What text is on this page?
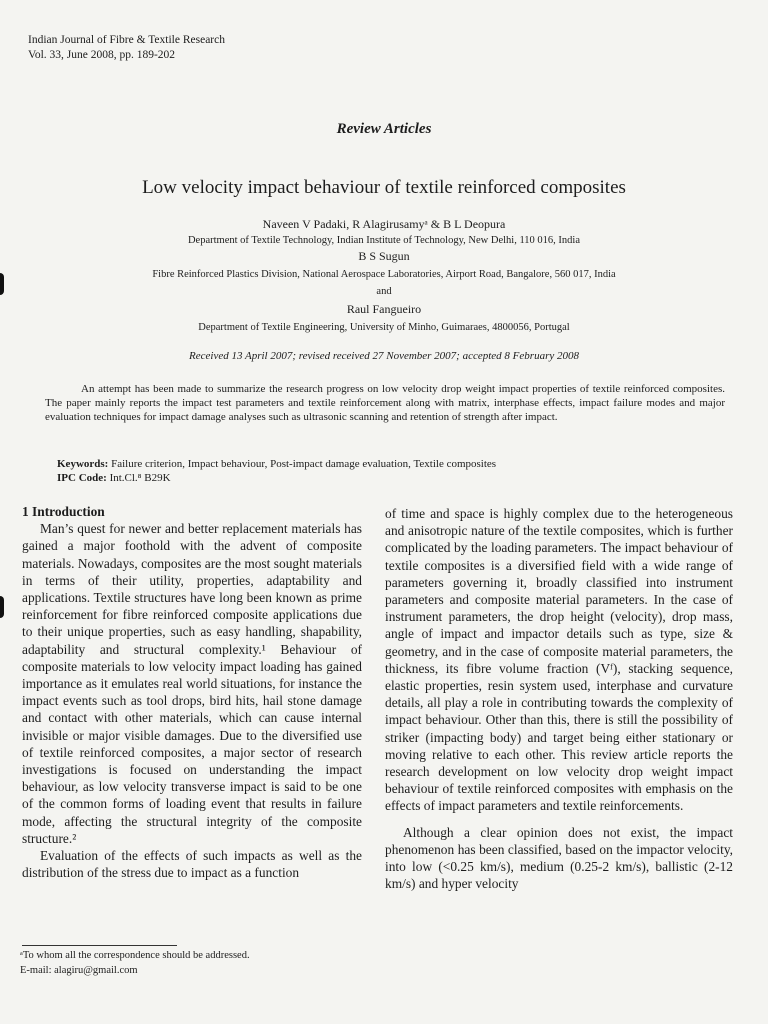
Indian Journal of Fibre & Textile Research
Vol. 33, June 2008, pp. 189-202
Review Articles
Low velocity impact behaviour of textile reinforced composites
Naveen V Padaki, R Alagirusamyᵃ & B L Deopura
Department of Textile Technology, Indian Institute of Technology, New Delhi, 110 016, India
B S Sugun
Fibre Reinforced Plastics Division, National Aerospace Laboratories, Airport Road, Bangalore, 560 017, India
and
Raul Fangueiro
Department of Textile Engineering, University of Minho, Guimaraes, 4800056, Portugal
Received 13 April 2007; revised received 27 November 2007; accepted 8 February 2008

An attempt has been made to summarize the research progress on low velocity drop weight impact properties of textile reinforced composites. The paper mainly reports the impact test parameters and textile reinforcement along with matrix, interphase effects, impact failure modes and major evaluation techniques for impact damage analyses such as ultrasonic scanning and retention of strength after impact.

Keywords: Failure criterion, Impact behaviour, Post-impact damage evaluation, Textile composites
IPC Code: Int.Cl.⁸ B29K
1 Introduction

Man’s quest for newer and better replacement materials has gained a major foothold with the advent of composite materials. Nowadays, composites are the most sought materials in terms of their utility, properties, adaptability and applications. Textile structures have long been known as prime reinforcement for fibre reinforced composite applications due to their unique properties, such as easy handling, shapability, adaptability and structural complexity.¹ Behaviour of composite materials to low velocity impact loading has gained importance as it emulates real world situations, for instance the impact events such as tool drops, bird hits, hail stone damage and contact with other materials, which can cause internal invisible or major visible damages. Due to the diversified use of textile reinforced composites, a major sector of research investigations is focused on understanding the impact behaviour, as low velocity transverse impact is said to be one of the common forms of loading event that results in failure mode, affecting the structural integrity of the composite structure.²

Evaluation of the effects of such impacts as well as the distribution of the stress due to impact as a function

of time and space is highly complex due to the heterogeneous and anisotropic nature of the textile composites, which is further complicated by the loading parameters. The impact behaviour of textile composites is a diversified field with a wide range of parameters governing it, broadly classified into instrument parameters and composite material parameters. In the case of instrument parameters, the drop height (velocity), drop mass, angle of impact and impactor details such as type, size & geometry, and in the case of composite material parameters, the thickness, its fibre volume fraction (Vᶠ), stacking sequence, elastic properties, resin system used, interphase and curvature details, all play a role in contributing towards the complexity of impact behaviour. Other than this, there is still the possibility of striker (impacting body) and target being either stationary or moving relative to each other. This review article reports the research development on low velocity drop weight impact behaviour of textile reinforced composites with emphasis on the effects of impact parameters and textile reinforcements.

Although a clear opinion does not exist, the impact phenomenon has been classified, based on the impactor velocity, into low (<0.25 km/s), medium (0.25-2 km/s), ballistic (2-12 km/s) and hyper velocity

ᵃTo whom all the correspondence should be addressed.
E-mail: alagiru@gmail.com
